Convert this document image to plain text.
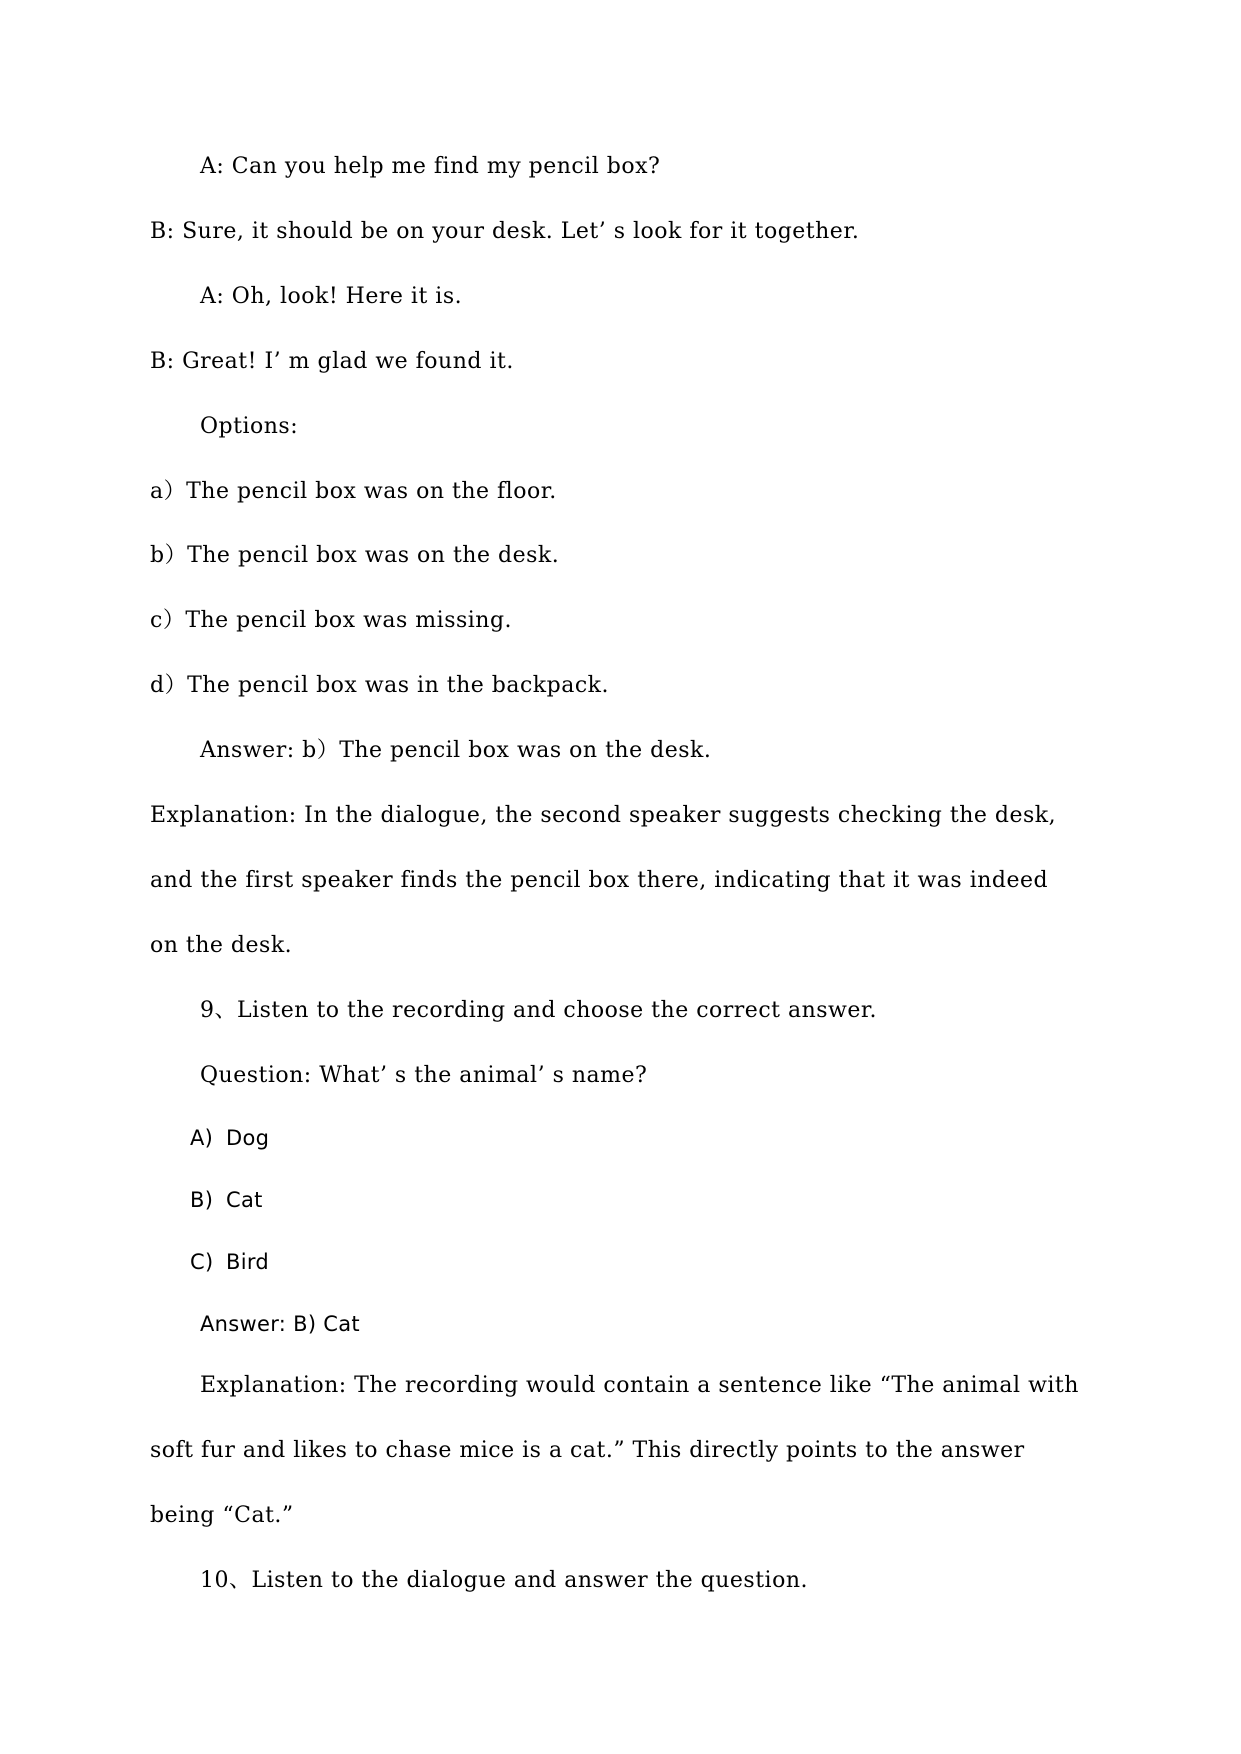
A: Can you help me find my pencil box?

B: Sure, it should be on your desk. Let’ s look for it together.

A: Oh, look! Here it is.

B: Great! I’ m glad we found it.

Options:

a）The pencil box was on the floor.

b）The pencil box was on the desk.

c）The pencil box was missing.

d）The pencil box was in the backpack.

Answer: b）The pencil box was on the desk.

Explanation: In the dialogue, the second speaker suggests checking the desk,

and the first speaker finds the pencil box there, indicating that it was indeed

on the desk.

9、Listen to the recording and choose the correct answer.

Question: What’ s the animal’ s name?

A) Dog

B) Cat

C) Bird

Answer: B) Cat

Explanation: The recording would contain a sentence like “The animal with

soft fur and likes to chase mice is a cat.” This directly points to the answer

being “Cat.”

10、Listen to the dialogue and answer the question.
